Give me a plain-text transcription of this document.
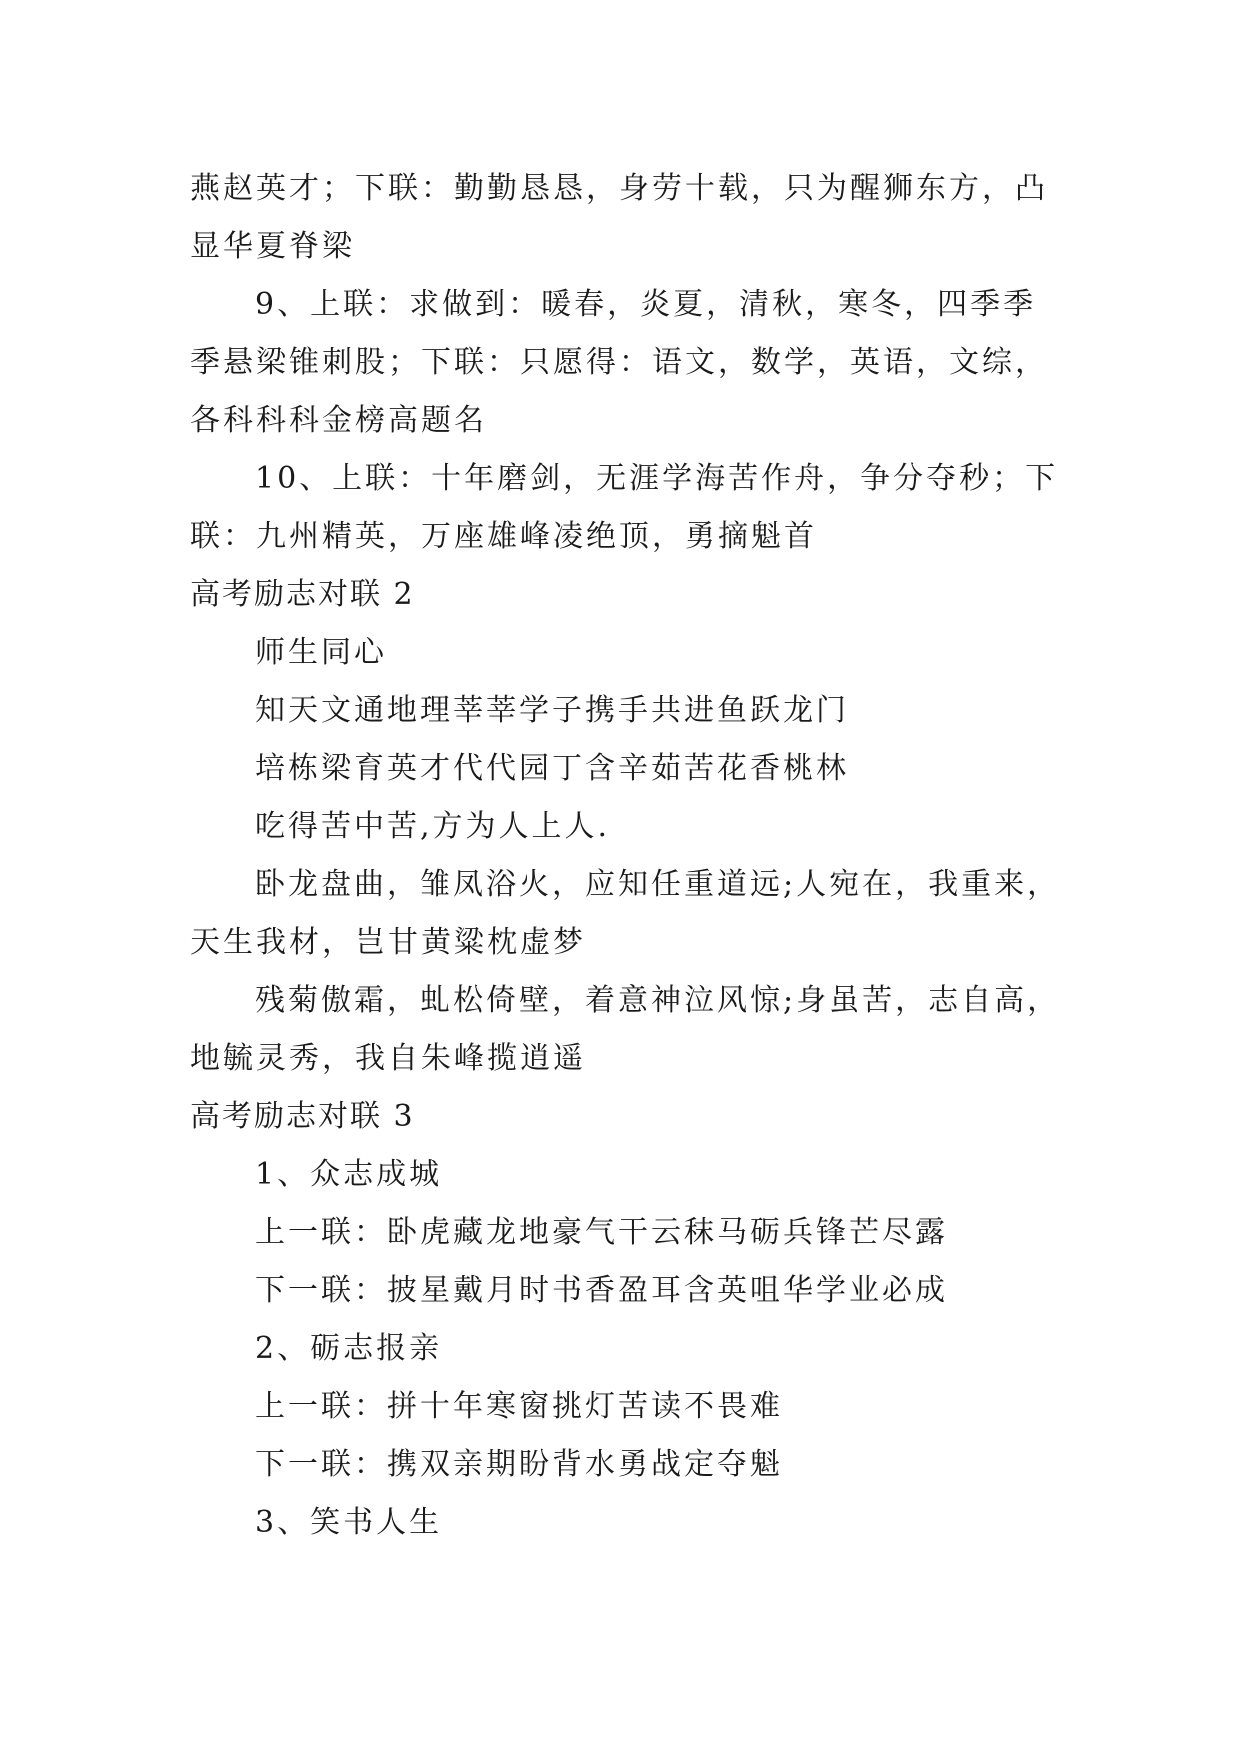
燕赵英才；下联：勤勤恳恳，身劳十载，只为醒狮东方，凸
显华夏脊梁
9、上联：求做到：暖春，炎夏，清秋，寒冬，四季季
季悬梁锥刺股；下联：只愿得：语文，数学，英语，文综，
各科科科金榜高题名
10、上联：十年磨剑，无涯学海苦作舟，争分夺秒；下
联：九州精英，万座雄峰凌绝顶，勇摘魁首
高考励志对联 2
师生同心
知天文通地理莘莘学子携手共进鱼跃龙门
培栋梁育英才代代园丁含辛茹苦花香桃林
吃得苦中苦,方为人上人.
卧龙盘曲，雏凤浴火，应知任重道远;人宛在，我重来，
天生我材，岂甘黄粱枕虚梦
残菊傲霜，虬松倚壁，着意神泣风惊;身虽苦，志自高，
地毓灵秀，我自朱峰揽逍遥
高考励志对联 3
1、众志成城
上一联：卧虎藏龙地豪气干云秣马砺兵锋芒尽露
下一联：披星戴月时书香盈耳含英咀华学业必成
2、砺志报亲
上一联：拼十年寒窗挑灯苦读不畏难
下一联：携双亲期盼背水勇战定夺魁
3、笑书人生
